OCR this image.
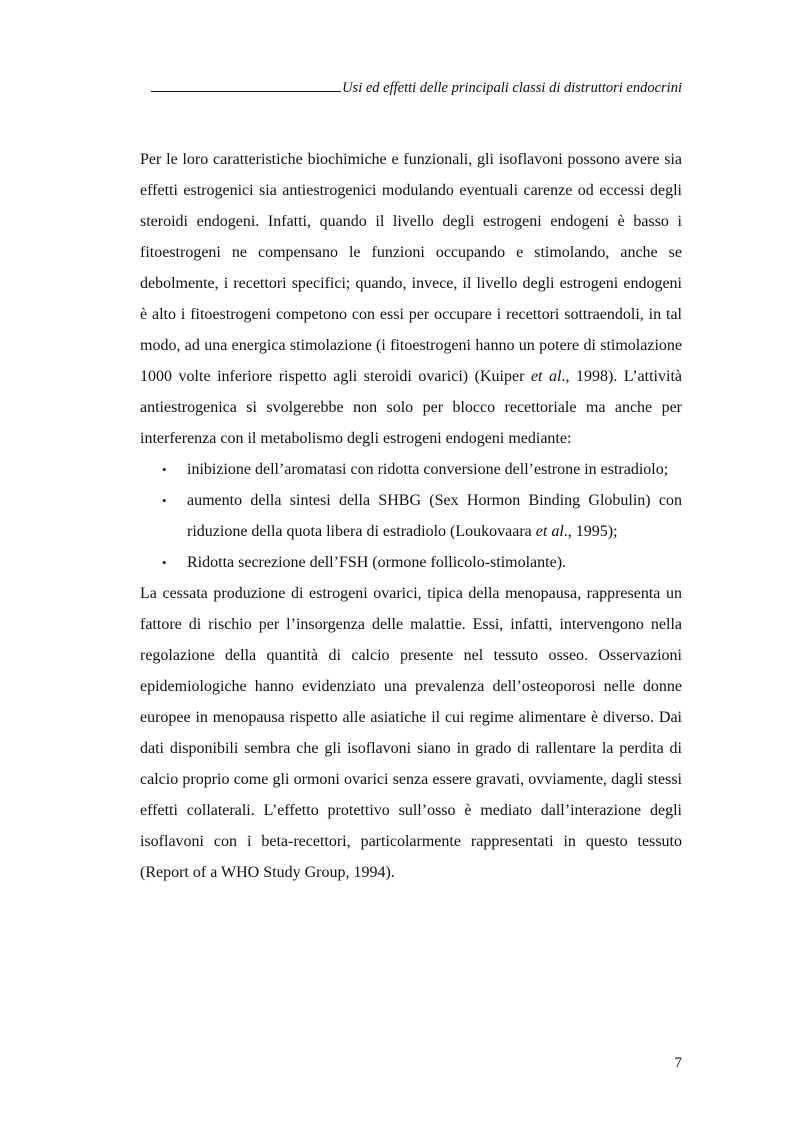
Usi ed effetti delle principali classi di distruttori endocrini

Per le loro caratteristiche biochimiche e funzionali, gli isoflavoni possono avere sia effetti estrogenici sia antiestrogenici modulando eventuali carenze od eccessi degli steroidi endogeni. Infatti, quando il livello degli estrogeni endogeni è basso i fitoestrogeni ne compensano le funzioni occupando e stimolando, anche se debolmente, i recettori specifici; quando, invece, il livello degli estrogeni endogeni è alto i fitoestrogeni competono con essi per occupare i recettori sottraendoli, in tal modo, ad una energica stimolazione (i fitoestrogeni hanno un potere di stimolazione 1000 volte inferiore rispetto agli steroidi ovarici) (Kuiper et al., 1998). L’attività antiestrogenica si svolgerebbe non solo per blocco recettoriale ma anche per interferenza con il metabolismo degli estrogeni endogeni mediante:

• inibizione dell’aromatasi con ridotta conversione dell’estrone in estradiolo;
• aumento della sintesi della SHBG (Sex Hormon Binding Globulin) con riduzione della quota libera di estradiolo (Loukovaara et al., 1995);
• Ridotta secrezione dell’FSH (ormone follicolo-stimolante).

La cessata produzione di estrogeni ovarici, tipica della menopausa, rappresenta un fattore di rischio per l’insorgenza delle malattie. Essi, infatti, intervengono nella regolazione della quantità di calcio presente nel tessuto osseo. Osservazioni epidemiologiche hanno evidenziato una prevalenza dell’osteoporosi nelle donne europee in menopausa rispetto alle asiatiche il cui regime alimentare è diverso. Dai dati disponibili sembra che gli isoflavoni siano in grado di rallentare la perdita di calcio proprio come gli ormoni ovarici senza essere gravati, ovviamente, dagli stessi effetti collaterali. L’effetto protettivo sull’osso è mediato dall’interazione degli isoflavoni con i beta-recettori, particolarmente rappresentati in questo tessuto (Report of a WHO Study Group, 1994).

7
